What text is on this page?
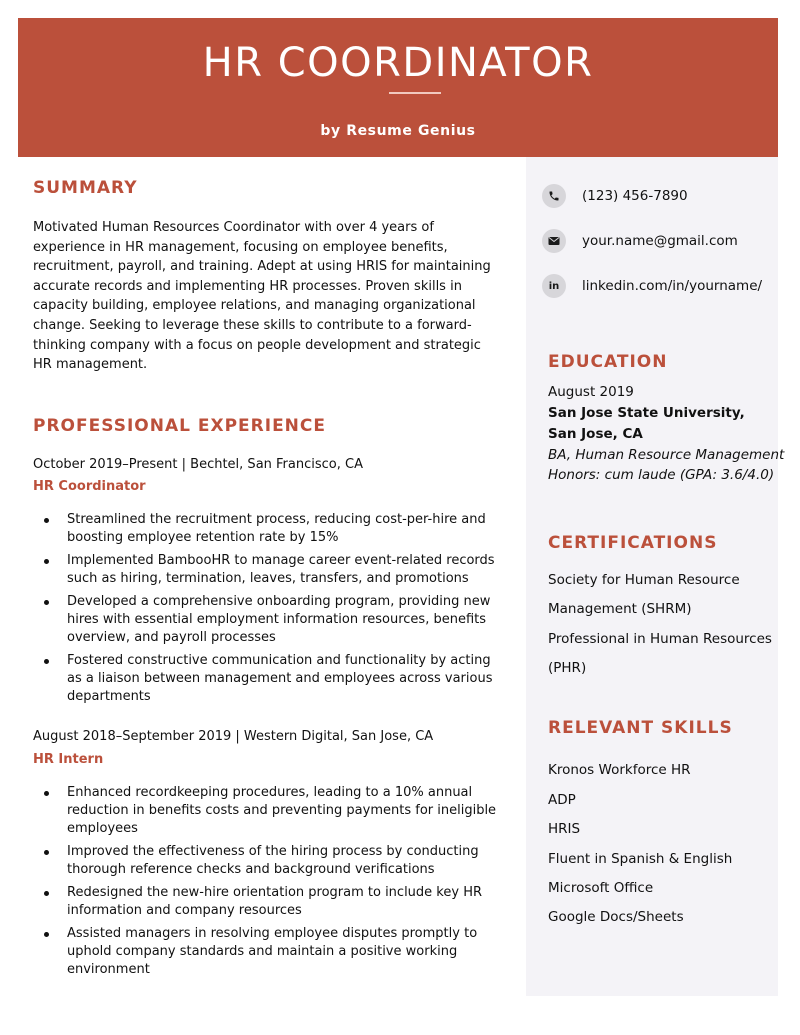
HR COORDINATOR
by Resume Genius
SUMMARY
Motivated Human Resources Coordinator with over 4 years of
experience in HR management, focusing on employee benefits,
recruitment, payroll, and training. Adept at using HRIS for maintaining
accurate records and implementing HR processes. Proven skills in
capacity building, employee relations, and managing organizational
change. Seeking to leverage these skills to contribute to a forward-
thinking company with a focus on people development and strategic
HR management.
PROFESSIONAL EXPERIENCE
October 2019–Present | Bechtel, San Francisco, CA
HR Coordinator
Streamlined the recruitment process, reducing cost-per-hire and
boosting employee retention rate by 15%
Implemented BambooHR to manage career event-related records
such as hiring, termination, leaves, transfers, and promotions
Developed a comprehensive onboarding program, providing new
hires with essential employment information resources, benefits
overview, and payroll processes
Fostered constructive communication and functionality by acting
as a liaison between management and employees across various
departments
August 2018–September 2019 | Western Digital, San Jose, CA
HR Intern
Enhanced recordkeeping procedures, leading to a 10% annual
reduction in benefits costs and preventing payments for ineligible
employees
Improved the effectiveness of the hiring process by conducting
thorough reference checks and background verifications
Redesigned the new-hire orientation program to include key HR
information and company resources
Assisted managers in resolving employee disputes promptly to
uphold company standards and maintain a positive working
environment
(123) 456-7890
your.name@gmail.com
in linkedin.com/in/yourname/
EDUCATION
August 2019
San Jose State University,
San Jose, CA
BA, Human Resource Management
Honors: cum laude (GPA: 3.6/4.0)
CERTIFICATIONS
Society for Human Resource
Management (SHRM)
Professional in Human Resources
(PHR)
RELEVANT SKILLS
Kronos Workforce HR
ADP
HRIS
Fluent in Spanish & English
Microsoft Office
Google Docs/Sheets
